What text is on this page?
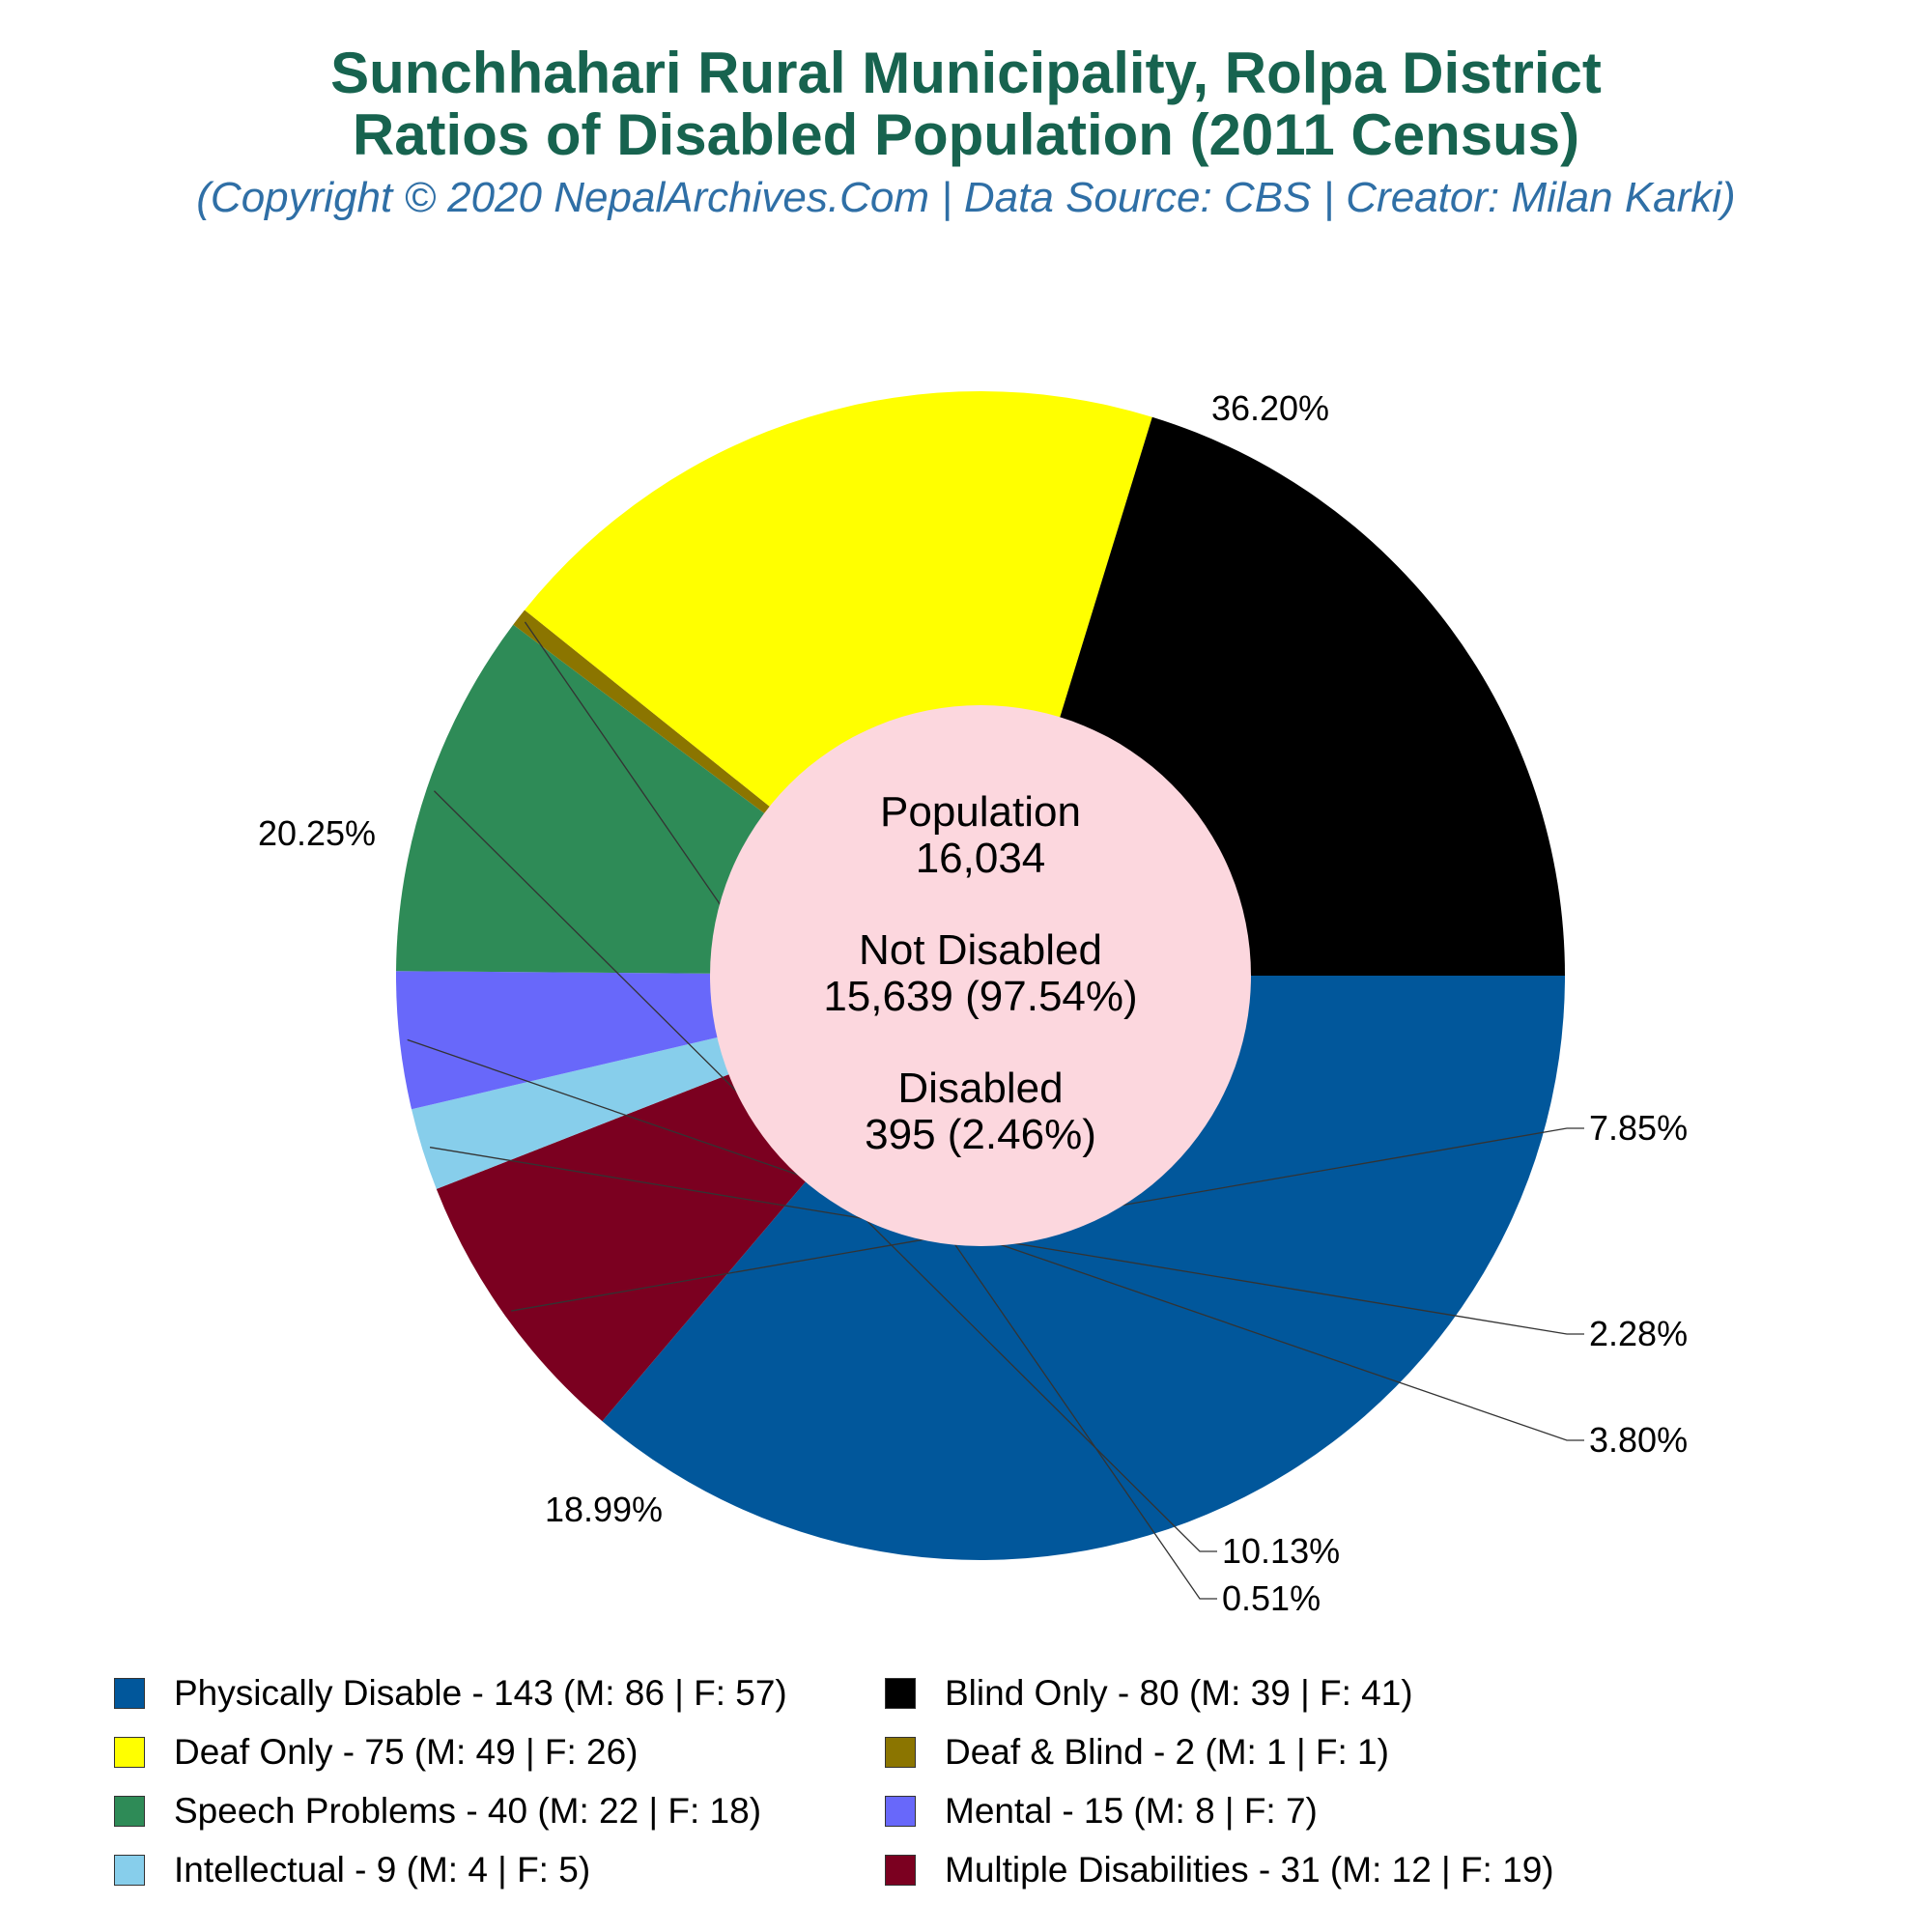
Sunchhahari Rural Municipality, Rolpa District
Ratios of Disabled Population (2011 Census)
(Copyright © 2020 NepalArchives.Com | Data Source: CBS | Creator: Milan Karki)
36.20%
7.85%
2.28%
3.80%
10.13%
0.51%
18.99%
20.25%	Population
16,034
Not Disabled
15,639 (97.54%)
Disabled
395 (2.46%)
Physically Disable - 143 (M: 86 | F: 57)	Blind Only - 80 (M: 39 | F: 41)
Deaf Only - 75 (M: 49 | F: 26)	Deaf & Blind - 2 (M: 1 | F: 1)
Speech Problems - 40 (M: 22 | F: 18)	Mental - 15 (M: 8 | F: 7)
Intellectual - 9 (M: 4 | F: 5)	Multiple Disabilities - 31 (M: 12 | F: 19)
